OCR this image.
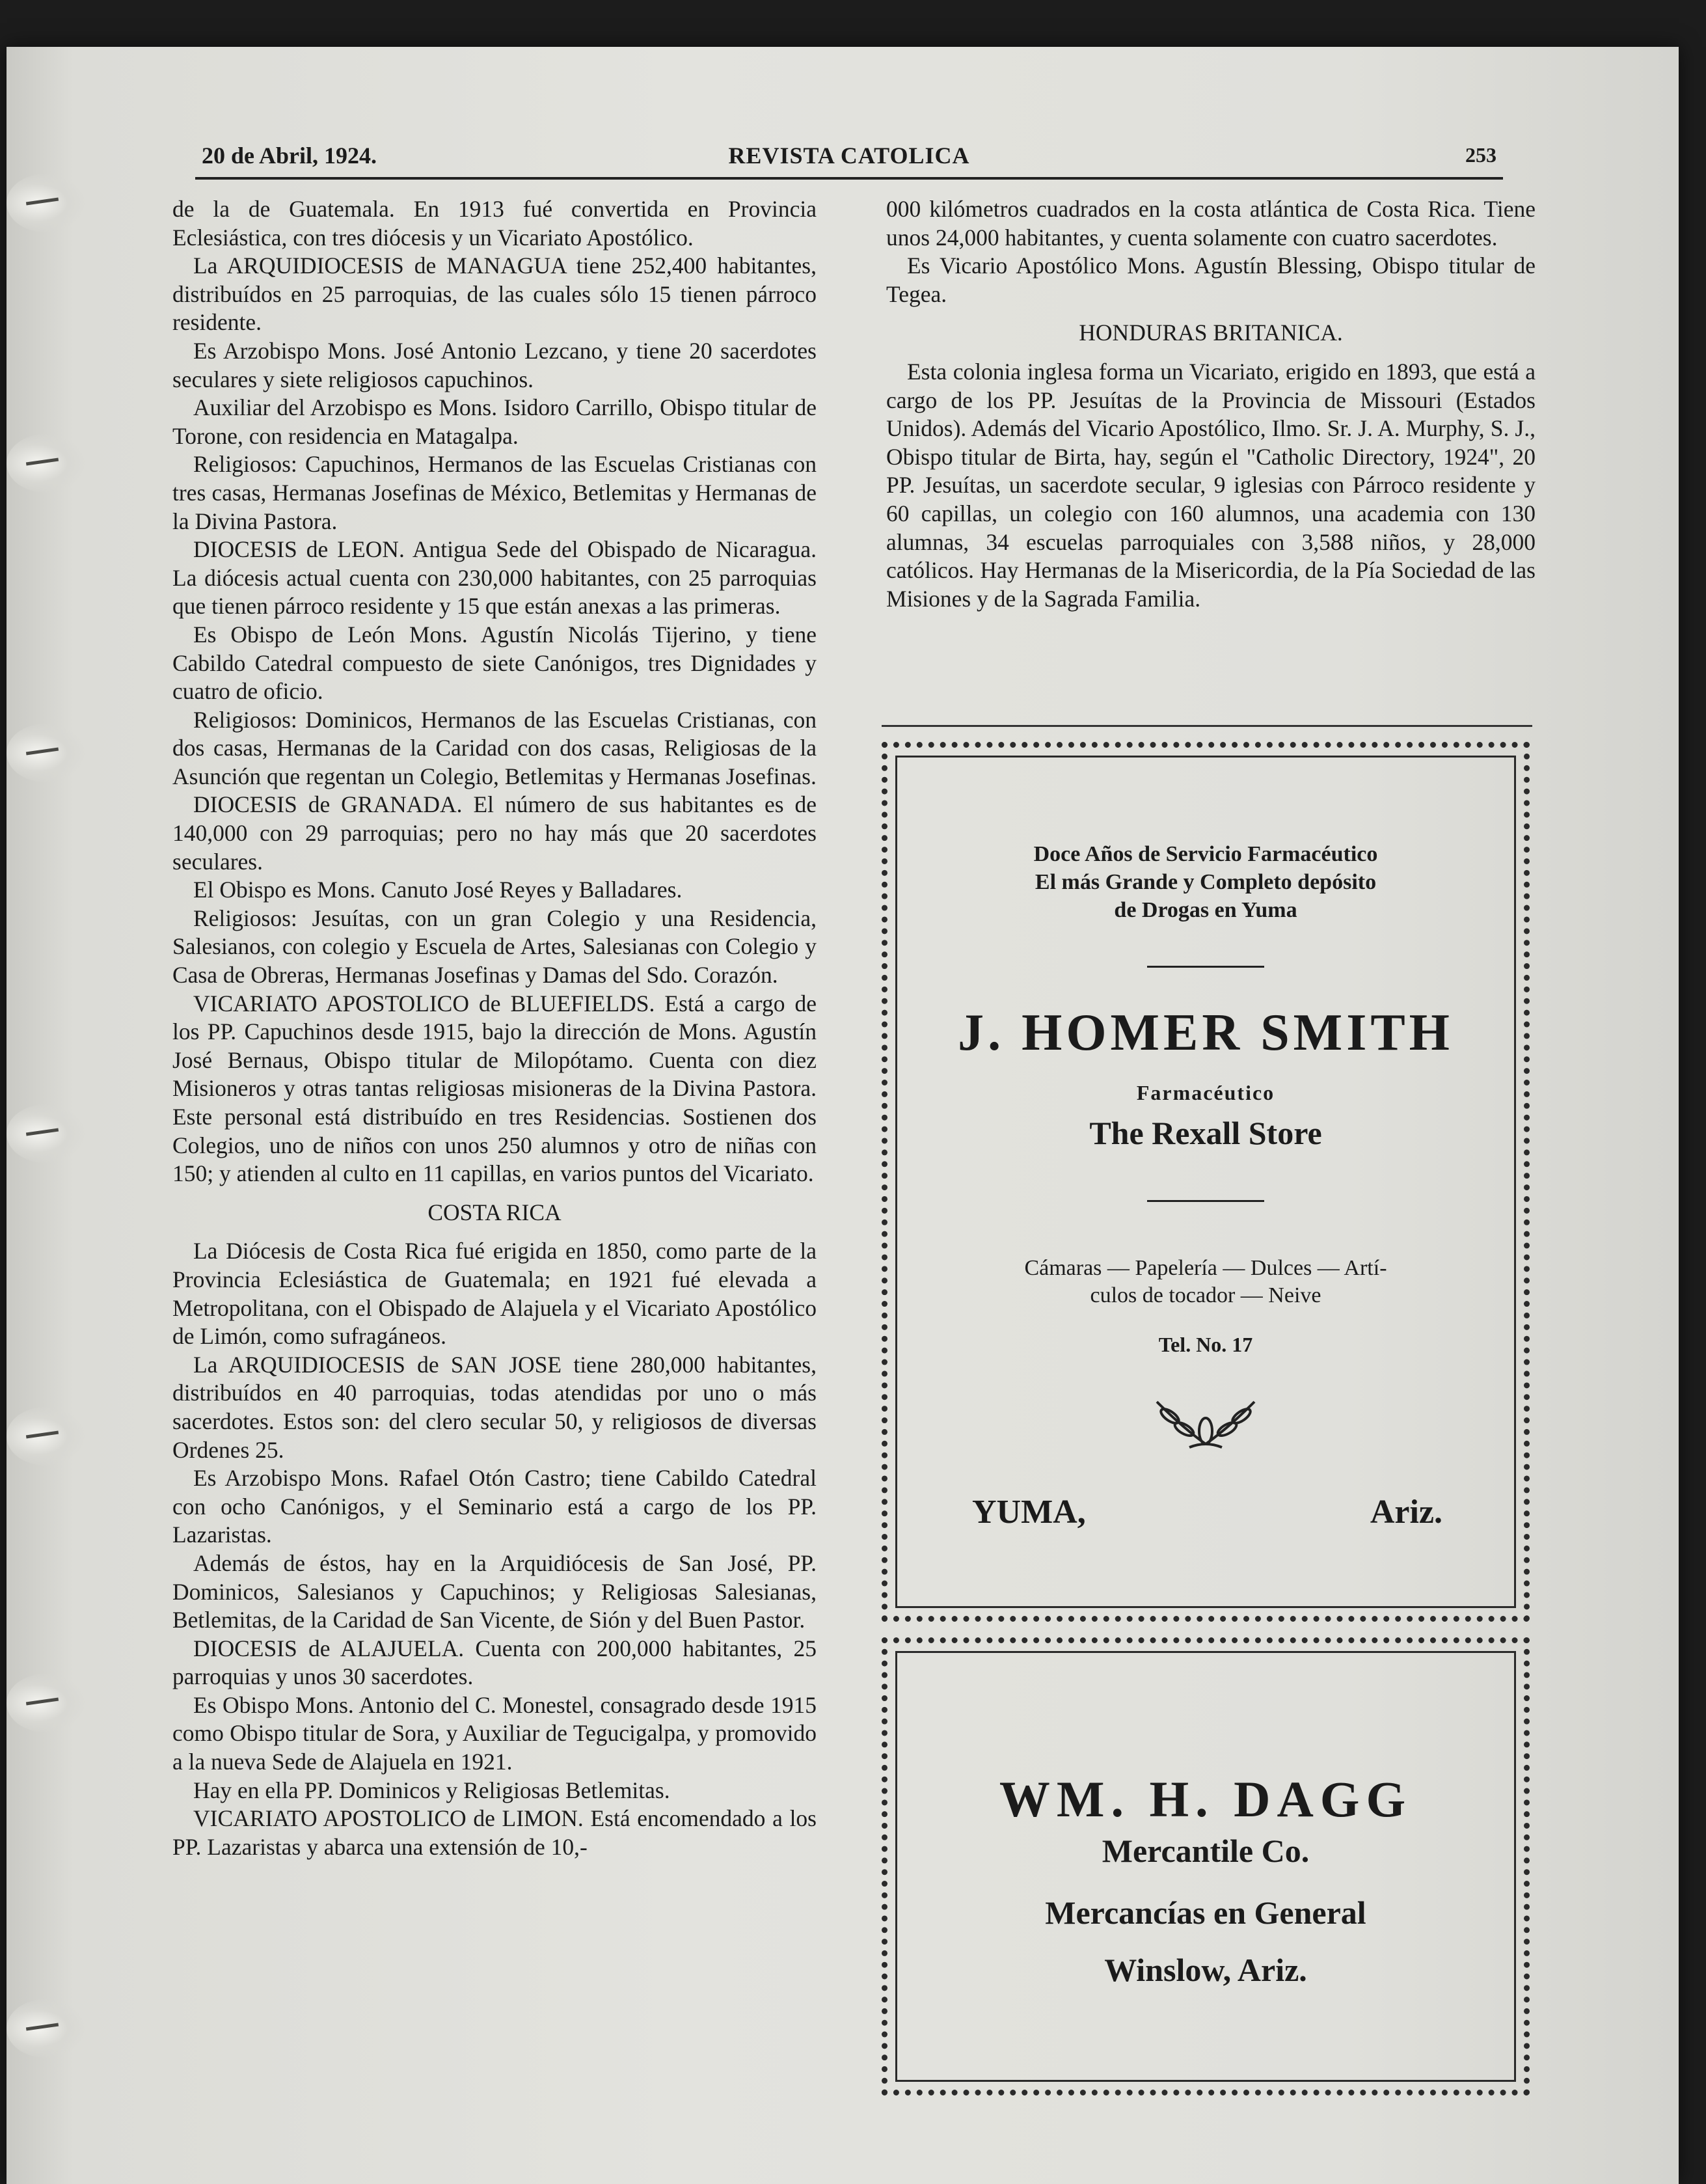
20 de Abril, 1924.	REVISTA CATOLICA	253

de la de Guatemala. En 1913 fué convertida en Provincia Eclesiástica, con tres diócesis y un Vicariato Apostólico.

La ARQUIDIOCESIS de MANAGUA tiene 252,400 habitantes, distribuídos en 25 parroquias, de las cuales sólo 15 tienen párroco residente.

Es Arzobispo Mons. José Antonio Lezcano, y tiene 20 sacerdotes seculares y siete religiosos capuchinos.

Auxiliar del Arzobispo es Mons. Isidoro Carrillo, Obispo titular de Torone, con residencia en Matagalpa.

Religiosos: Capuchinos, Hermanos de las Escuelas Cristianas con tres casas, Hermanas Josefinas de México, Betlemitas y Hermanas de la Divina Pastora.

DIOCESIS de LEON. Antigua Sede del Obispado de Nicaragua. La diócesis actual cuenta con 230,000 habitantes, con 25 parroquias que tienen párroco residente y 15 que están anexas a las primeras.

Es Obispo de León Mons. Agustín Nicolás Tijerino, y tiene Cabildo Catedral compuesto de siete Canónigos, tres Dignidades y cuatro de oficio.

Religiosos: Dominicos, Hermanos de las Escuelas Cristianas, con dos casas, Hermanas de la Caridad con dos casas, Religiosas de la Asunción que regentan un Colegio, Betlemitas y Hermanas Josefinas.

DIOCESIS de GRANADA. El número de sus habitantes es de 140,000 con 29 parroquias; pero no hay más que 20 sacerdotes seculares.

El Obispo es Mons. Canuto José Reyes y Balladares.

Religiosos: Jesuítas, con un gran Colegio y una Residencia, Salesianos, con colegio y Escuela de Artes, Salesianas con Colegio y Casa de Obreras, Hermanas Josefinas y Damas del Sdo. Corazón.

VICARIATO APOSTOLICO de BLUEFIELDS. Está a cargo de los PP. Capuchinos desde 1915, bajo la dirección de Mons. Agustín José Bernaus, Obispo titular de Milopótamo. Cuenta con diez Misioneros y otras tantas religiosas misioneras de la Divina Pastora. Este personal está distribuído en tres Residencias. Sostienen dos Colegios, uno de niños con unos 250 alumnos y otro de niñas con 150; y atienden al culto en 11 capillas, en varios puntos del Vicariato.

COSTA RICA

La Diócesis de Costa Rica fué erigida en 1850, como parte de la Provincia Eclesiástica de Guatemala; en 1921 fué elevada a Metropolitana, con el Obispado de Alajuela y el Vicariato Apostólico de Limón, como sufragáneos.

La ARQUIDIOCESIS de SAN JOSE tiene 280,000 habitantes, distribuídos en 40 parroquias, todas atendidas por uno o más sacerdotes. Estos son: del clero secular 50, y religiosos de diversas Ordenes 25.

Es Arzobispo Mons. Rafael Otón Castro; tiene Cabildo Catedral con ocho Canónigos, y el Seminario está a cargo de los PP. Lazaristas.

Además de éstos, hay en la Arquidiócesis de San José, PP. Dominicos, Salesianos y Capuchinos; y Religiosas Salesianas, Betlemitas, de la Caridad de San Vicente, de Sión y del Buen Pastor.

DIOCESIS de ALAJUELA. Cuenta con 200,000 habitantes, 25 parroquias y unos 30 sacerdotes.

Es Obispo Mons. Antonio del C. Monestel, consagrado desde 1915 como Obispo titular de Sora, y Auxiliar de Tegucigalpa, y promovido a la nueva Sede de Alajuela en 1921.

Hay en ella PP. Dominicos y Religiosas Betlemitas.

VICARIATO APOSTOLICO de LIMON. Está encomendado a los PP. Lazaristas y abarca una extensión de 10,-

000 kilómetros cuadrados en la costa atlántica de Costa Rica. Tiene unos 24,000 habitantes, y cuenta solamente con cuatro sacerdotes.

Es Vicario Apostólico Mons. Agustín Blessing, Obispo titular de Tegea.

HONDURAS BRITANICA.

Esta colonia inglesa forma un Vicariato, erigido en 1893, que está a cargo de los PP. Jesuítas de la Provincia de Missouri (Estados Unidos). Además del Vicario Apostólico, Ilmo. Sr. J. A. Murphy, S. J., Obispo titular de Birta, hay, según el "Catholic Directory, 1924", 20 PP. Jesuítas, un sacerdote secular, 9 iglesias con Párroco residente y 60 capillas, un colegio con 160 alumnos, una academia con 130 alumnas, 34 escuelas parroquiales con 3,588 niños, y 28,000 católicos. Hay Hermanas de la Misericordia, de la Pía Sociedad de las Misiones y de la Sagrada Familia.

Doce Años de Servicio Farmacéutico
El más Grande y Completo depósito
de Drogas en Yuma
J. HOMER SMITH
Farmacéutico
The Rexall Store
Cámaras — Papelería — Dulces — Artí-
culos de tocador — Neive
Tel. No. 17
YUMA,	Ariz.
WM. H. DAGG
Mercantile Co.
Mercancías en General
Winslow, Ariz.
